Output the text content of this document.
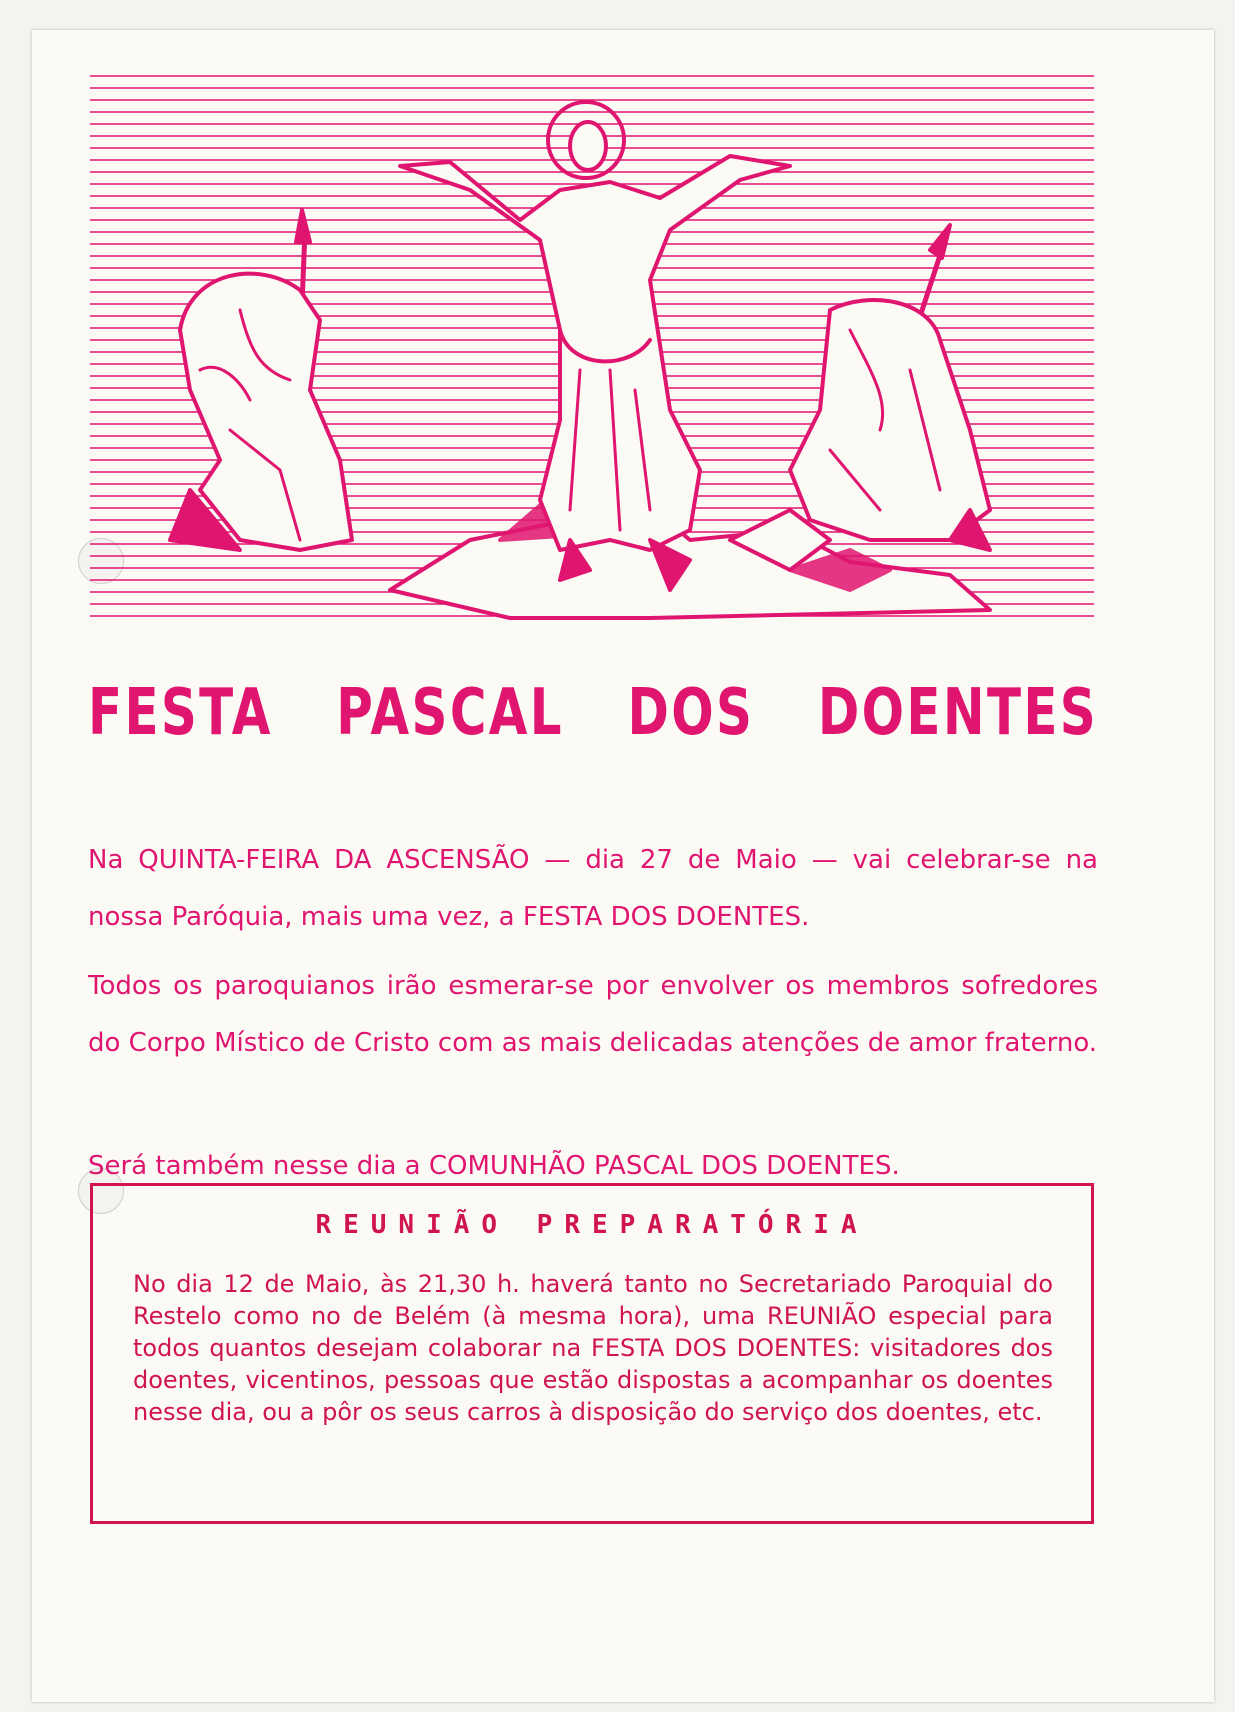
FESTA PASCAL DOS DOENTES
Na QUINTA-FEIRA DA ASCENSÃO — dia 27 de Maio — vai celebrar-se na nossa Paróquia, mais uma vez, a FESTA DOS DOENTES.
Todos os paroquianos irão esmerar-se por envolver os membros sofredores do Corpo Místico de Cristo com as mais delicadas atenções de amor fraterno.
Será também nesse dia a COMUNHÃO PASCAL DOS DOENTES.
REUNIÃO PREPARATÓRIA
No dia 12 de Maio, às 21,30 h. haverá tanto no Secretariado Paroquial do Restelo como no de Belém (à mesma hora), uma REUNIÃO especial para todos quantos desejam colaborar na FESTA DOS DOENTES: visitadores dos doentes, vicentinos, pessoas que estão dispostas a acompanhar os doentes nesse dia, ou a pôr os seus carros à disposição do serviço dos doentes, etc.
